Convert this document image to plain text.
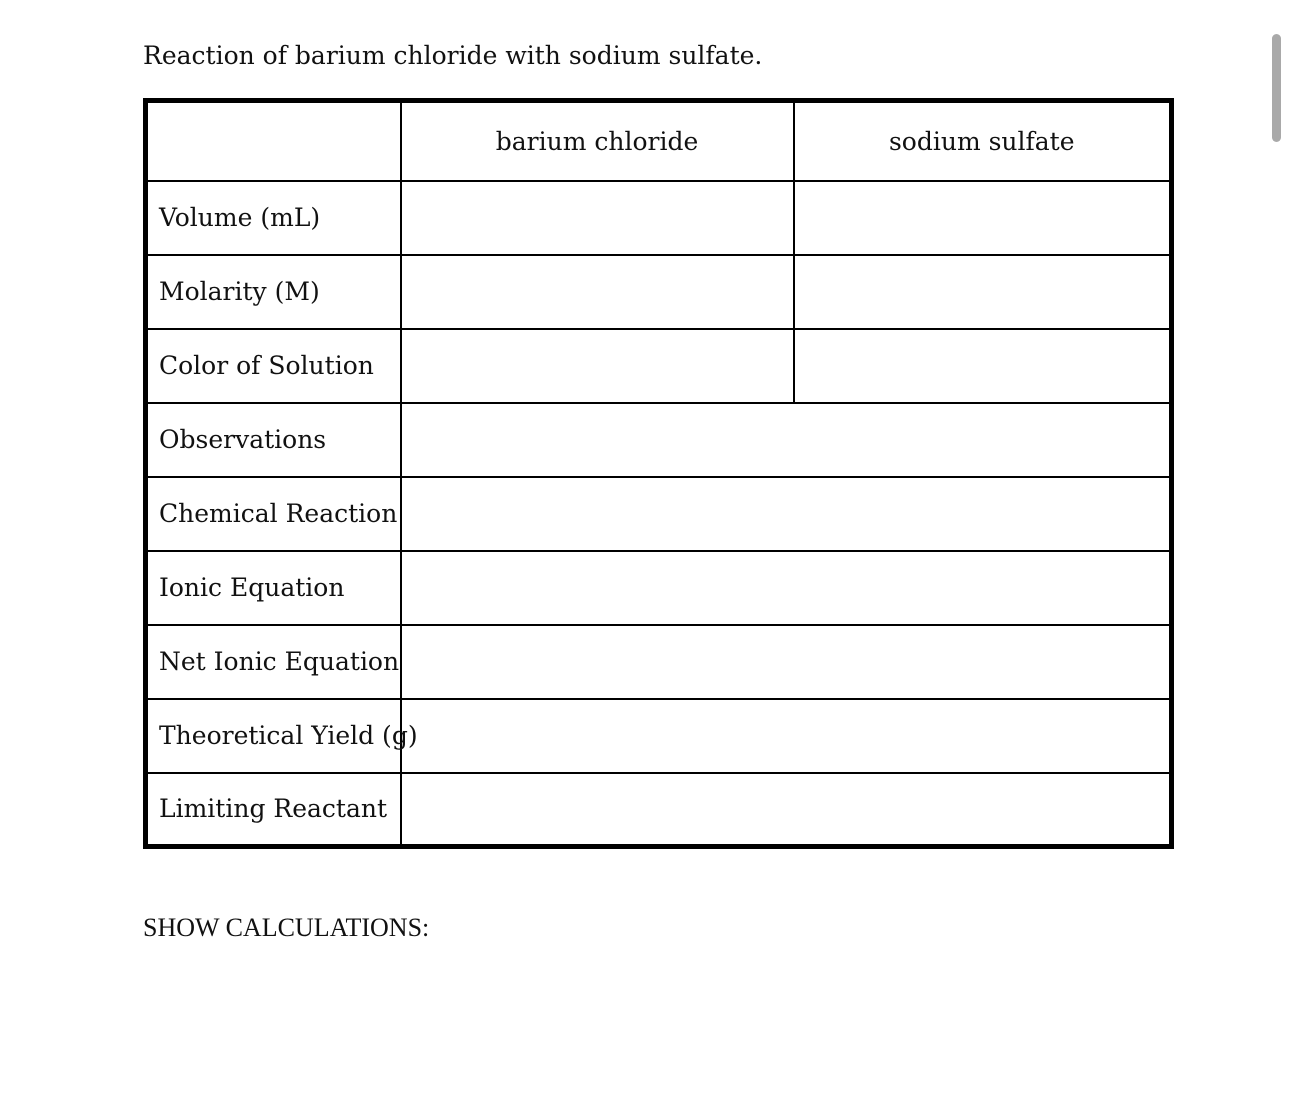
Reaction of barium chloride with sodium sulfate.
	barium chloride	sodium sulfate
Volume (mL)		
Molarity (M)		
Color of Solution		
Observations		
Chemical Reaction		
Ionic Equation		
Net Ionic Equation		
Theoretical Yield (g)		
Limiting Reactant		

SHOW CALCULATIONS:
